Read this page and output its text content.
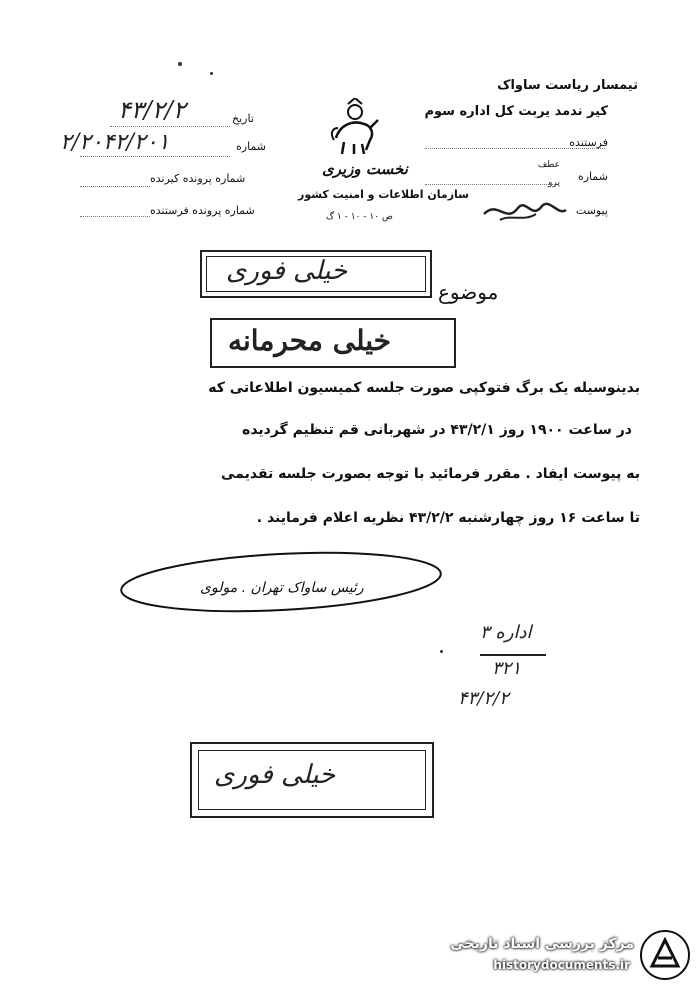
تیمسار ریاست ساواک
کیر ندمد یربت کل اداره سوم
فرستنده
شماره
عطف
پرو
پیوست
تاریخ
۴۳/۲/۲
شماره
۲/۲۰۴۲/۲۰۱
شماره پرونده کیرنده
شماره پرونده فرستنده
نخست وزیری
سازمان اطلاعات و امنیت کشور
ص ۱۰ - ۱۰ - ۱ گ
خیلی فوری
موضوع
خیلی محرمانه
بدینوسیله یک برگ فتوکپی صورت جلسه کمیسیون اطلاعاتی که
در ساعت ۱۹۰۰ روز ۴۳/۲/۱ در شهربانی قم تنظیم گردیده
به پیوست ایفاد . مقرر فرمائید با توجه بصورت جلسه تقدیمی
تا ساعت ۱۶ روز چهارشنبه ۴۳/۲/۲ نظریه اعلام فرمایند .
رئیس ساواک تهران . مولوی
اداره ۳
۳۲۱
۴۳/۲/۲
خیلی فوری
مرکز بررسی اسناد تاریخی
historydocuments.ir
